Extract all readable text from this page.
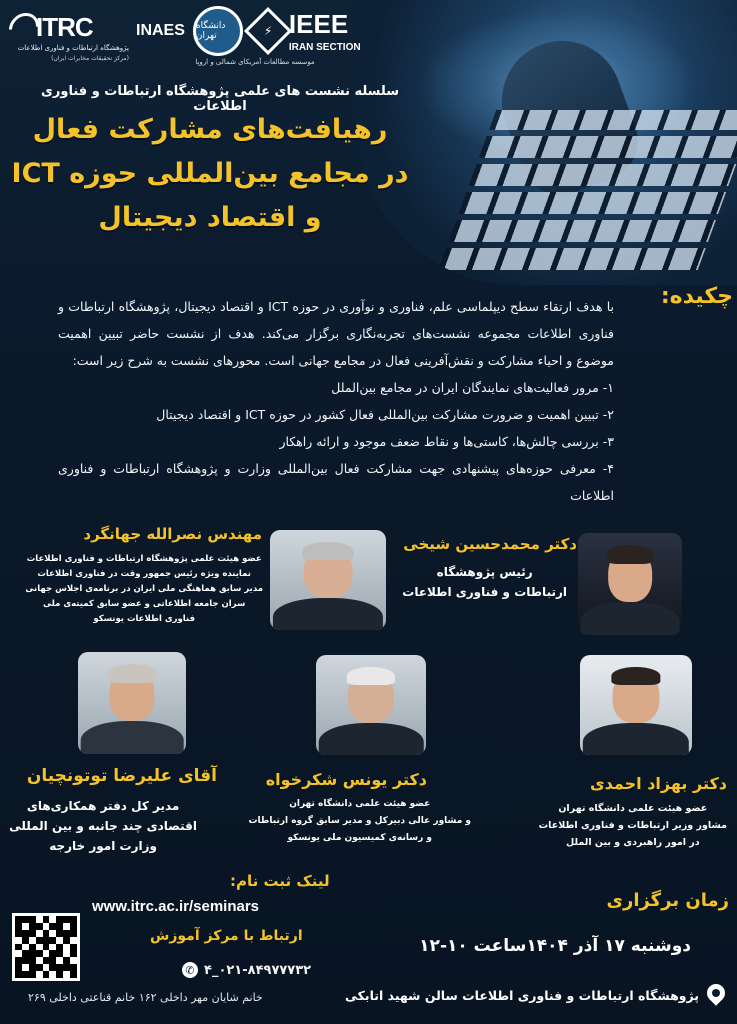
ITRC
پژوهشگاه ارتباطات و فناوری اطلاعات
(مرکز تحقیقات مخابرات ایران)
INAES دانشگاه تهران	⚡ IEEE
IRAN SECTION
موسسه مطالعات آمریکای شمالی و اروپا
سلسله نشست های علمی پژوهشگاه ارتباطات و فناوری اطلاعات
رهیافت‌های مشارکت فعال
در مجامع بین‌المللی حوزه ICT
و اقتصاد دیجیتال
چکیده:

با هدف ارتقاء سطح دیپلماسی علم، فناوری و نوآوری در حوزه ICT و اقتصاد دیجیتال، پژوهشگاه ارتباطات و فناوری اطلاعات مجموعه نشست‌های تجربه‌نگاری برگزار می‌کند. هدف از نشست حاضر تبیین اهمیت موضوع و احیاء مشارکت و نقش‌آفرینی فعال در مجامع جهانی است. محورهای نشست به شرح زیر است:

۱- مرور فعالیت‌های نمایندگان ایران در مجامع بین‌الملل
۲- تبیین اهمیت و ضرورت مشارکت بین‌المللی فعال کشور در حوزه ICT و اقتصاد دیجیتال
۳- بررسی چالش‌ها، کاستی‌ها و نقاط ضعف موجود و ارائه راهکار
۴- معرفی حوزه‌های پیشنهادی جهت مشارکت فعال بین‌المللی وزارت و پژوهشگاه ارتباطات و فناوری اطلاعات
مهندس نصرالله جهانگرد
عضو هیئت علمی پژوهشگاه ارتباطات و فناوری اطلاعات
نماینده ویژه رئیس جمهور وقت در فناوری اطلاعات
مدیر سابق هماهنگی ملی ایران در برنامه‌ی اجلاس جهانی
سران جامعه اطلاعاتی و عضو سابق کمیته‌ی ملی
فناوری اطلاعات یونسکو
دکتر محمدحسین شیخی
رئیس پژوهشگاه
ارتباطات و فناوری اطلاعات
آقای علیرضا توتونچیان
مدیر کل دفتر همکاری‌های
اقتصادی چند جانبه و بین المللی
وزارت امور خارجه
دکتر یونس شکرخواه
عضو هیئت علمی دانشگاه تهران
و مشاور عالی دبیرکل و مدیر سابق گروه ارتباطات
و رسانه‌ی کمیسیون ملی یونسکو
دکتر بهزاد احمدی
عضو هیئت علمی دانشگاه تهران
مشاور وزیر ارتباطات و فناوری اطلاعات
در امور راهبردی و بین الملل
لینک ثبت نام:
www.itrc.ac.ir/seminars
ارتباط با مرکز آموزش
۰۲۱-۸۴۹۷۷۷۳۲_۴
✆
خانم شایان مهر داخلی ۱۶۲ خانم قناعتی داخلی ۲۶۹
زمان برگزاری
دوشنبه ۱۷ آذر ۱۴۰۴ساعت ۱۰-۱۲
پژوهشگاه ارتباطات و فناوری اطلاعات سالن شهید اتابکی
